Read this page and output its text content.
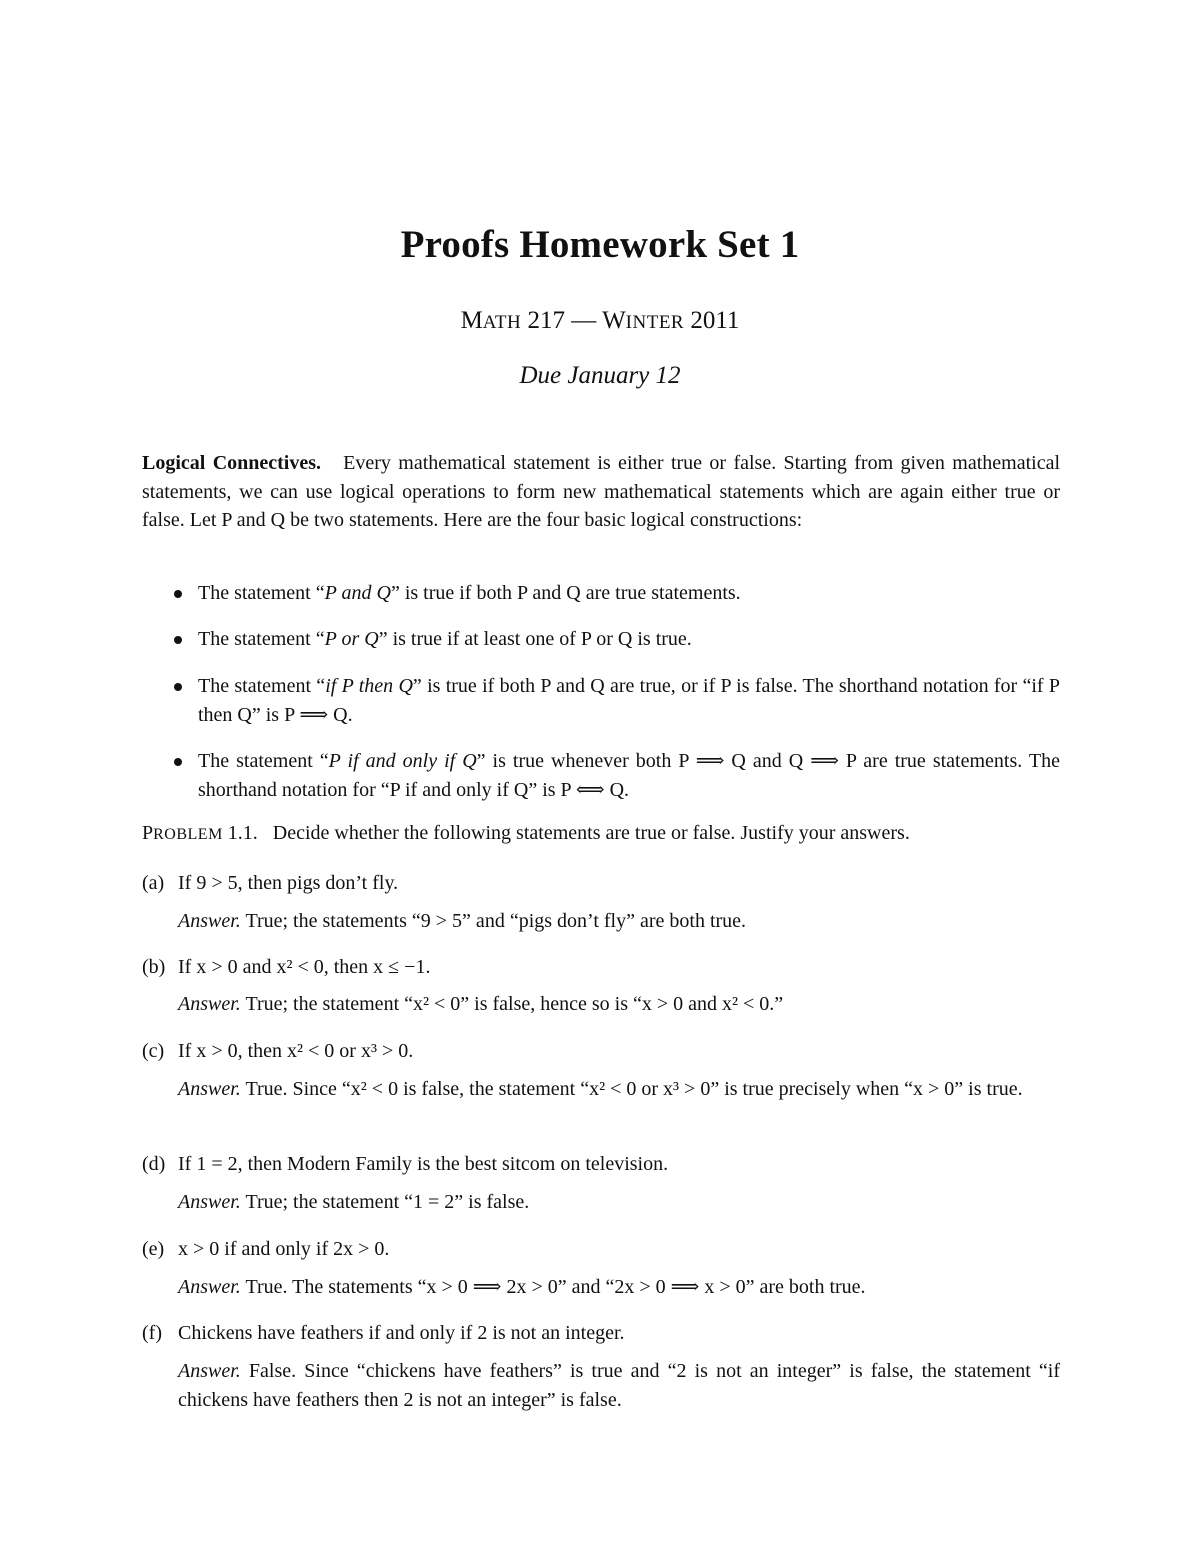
Proofs Homework Set 1
MATH 217 — WINTER 2011
Due January 12
Logical Connectives. Every mathematical statement is either true or false. Starting from given mathematical statements, we can use logical operations to form new mathematical statements which are again either true or false. Let P and Q be two statements. Here are the four basic logical constructions:
The statement “P and Q” is true if both P and Q are true statements.
The statement “P or Q” is true if at least one of P or Q is true.
The statement “if P then Q” is true if both P and Q are true, or if P is false. The shorthand notation for “if P then Q” is P ⟹ Q.
The statement “P if and only if Q” is true whenever both P ⟹ Q and Q ⟹ P are true statements. The shorthand notation for “P if and only if Q” is P ⟺ Q.
PROBLEM 1.1. Decide whether the following statements are true or false. Justify your answers.
(a) If 9 > 5, then pigs don’t fly.
Answer. True; the statements “9 > 5” and “pigs don’t fly” are both true.
(b) If x > 0 and x² < 0, then x ≤ −1.
Answer. True; the statement “x² < 0” is false, hence so is “x > 0 and x² < 0.”
(c) If x > 0, then x² < 0 or x³ > 0.
Answer. True. Since “x² < 0 is false, the statement “x² < 0 or x³ > 0” is true precisely when “x > 0” is true.
(d) If 1 = 2, then Modern Family is the best sitcom on television.
Answer. True; the statement “1 = 2” is false.
(e) x > 0 if and only if 2x > 0.
Answer. True. The statements “x > 0 ⟹ 2x > 0” and “2x > 0 ⟹ x > 0” are both true.
(f) Chickens have feathers if and only if 2 is not an integer.
Answer. False. Since “chickens have feathers” is true and “2 is not an integer” is false, the statement “if chickens have feathers then 2 is not an integer” is false.
